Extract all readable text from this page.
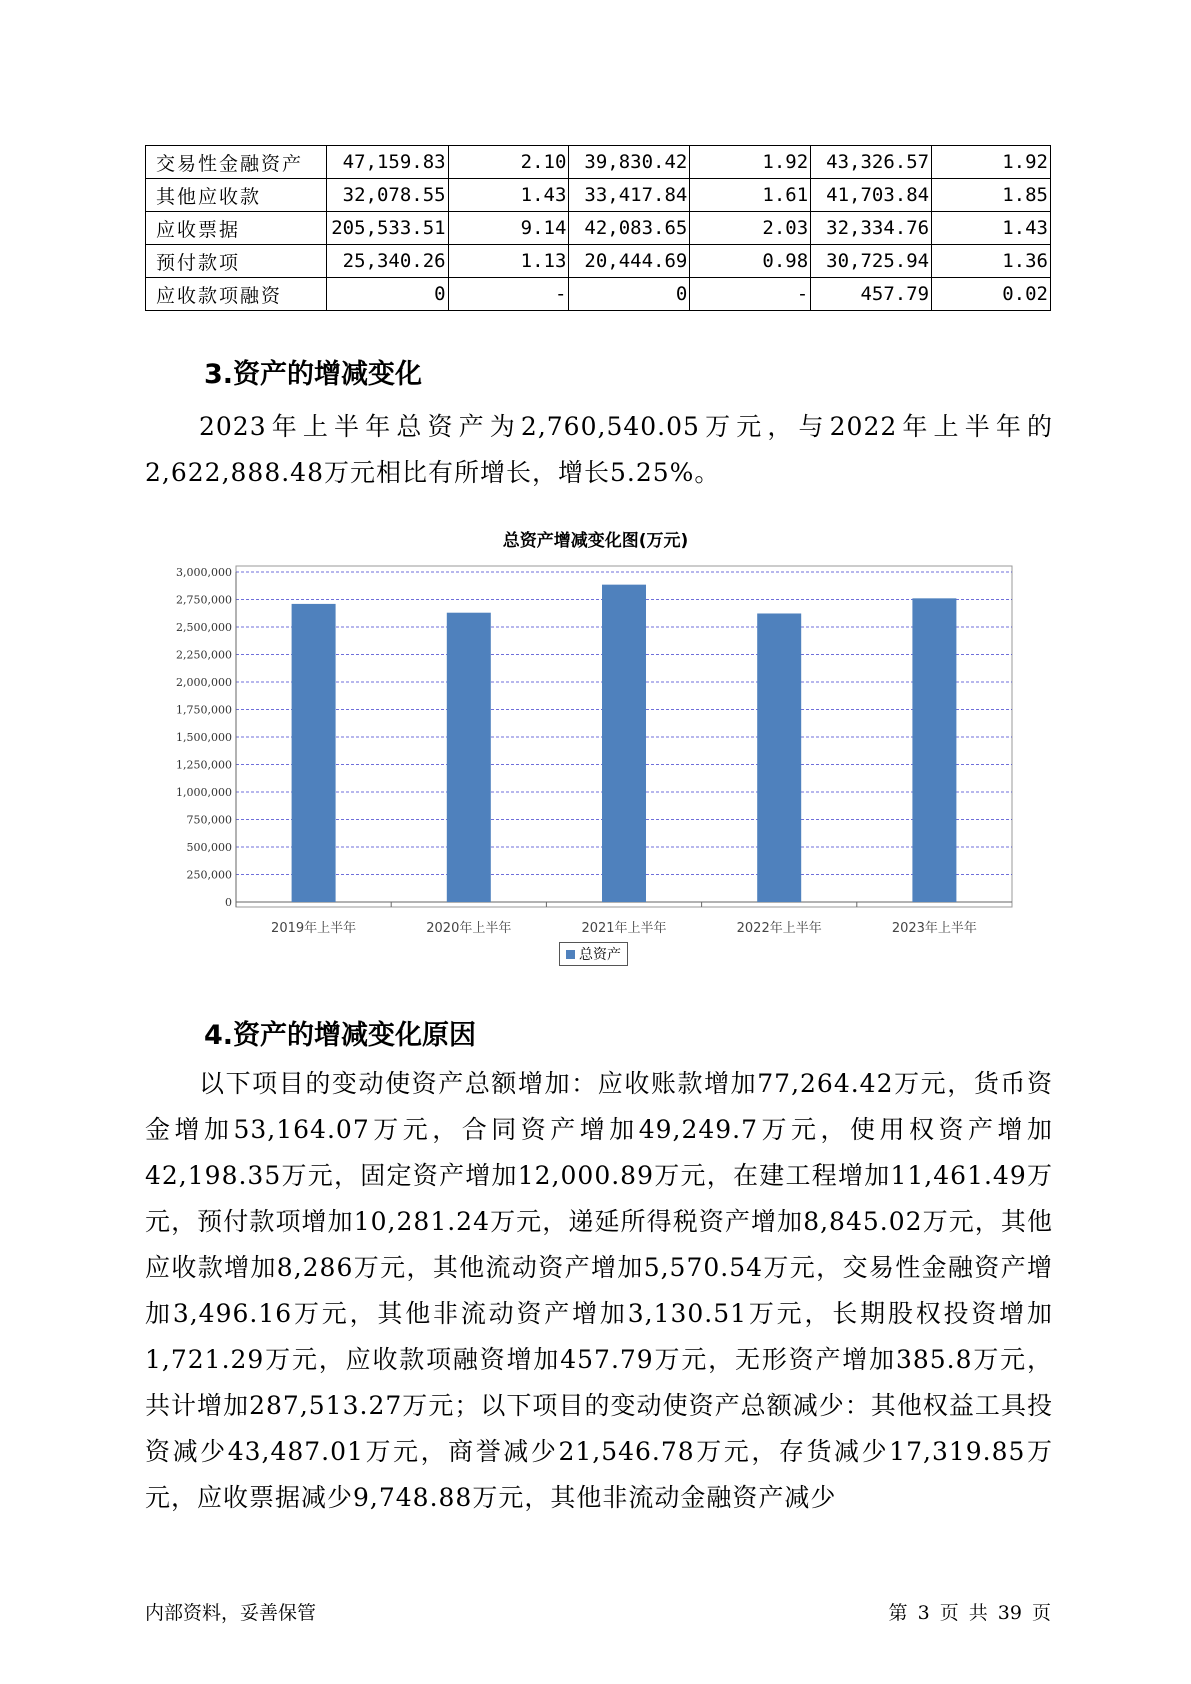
交易性金融资产	47,159.83	2.10	39,830.42	1.92	43,326.57	1.92
其他应收款	32,078.55	1.43	33,417.84	1.61	41,703.84	1.85
应收票据	205,533.51	9.14	42,083.65	2.03	32,334.76	1.43
预付款项	25,340.26	1.13	20,444.69	0.98	30,725.94	1.36
应收款项融资	0	-	0	-	457.79	0.02
3.资产的增减变化

2023年上半年总资产为2,760,540.05万元，与2022年上半年的2,622,888.48万元相比有所增长，增长5.25%。

总资产增减变化图(万元)
0
250,000
500,000
750,000
1,000,000
1,250,000
1,500,000
1,750,000
2,000,000
2,250,000
2,500,000
2,750,000
3,000,000
2019年上半年	2020年上半年	2021年上半年	2022年上半年	2023年上半年
总资产
4.资产的增减变化原因

以下项目的变动使资产总额增加：应收账款增加77,264.42万元，货币资金增加53,164.07万元，合同资产增加49,249.7万元，使用权资产增加42,198.35万元，固定资产增加12,000.89万元，在建工程增加11,461.49万元，预付款项增加10,281.24万元，递延所得税资产增加8,845.02万元，其他应收款增加8,286万元，其他流动资产增加5,570.54万元，交易性金融资产增加3,496.16万元，其他非流动资产增加3,130.51万元，长期股权投资增加1,721.29万元，应收款项融资增加457.79万元，无形资产增加385.8万元，共计增加287,513.27万元；以下项目的变动使资产总额减少：其他权益工具投资减少43,487.01万元，商誉减少21,546.78万元，存货减少17,319.85万元，应收票据减少9,748.88万元，其他非流动金融资产减少

内部资料，妥善保管	第 3 页 共 39 页
